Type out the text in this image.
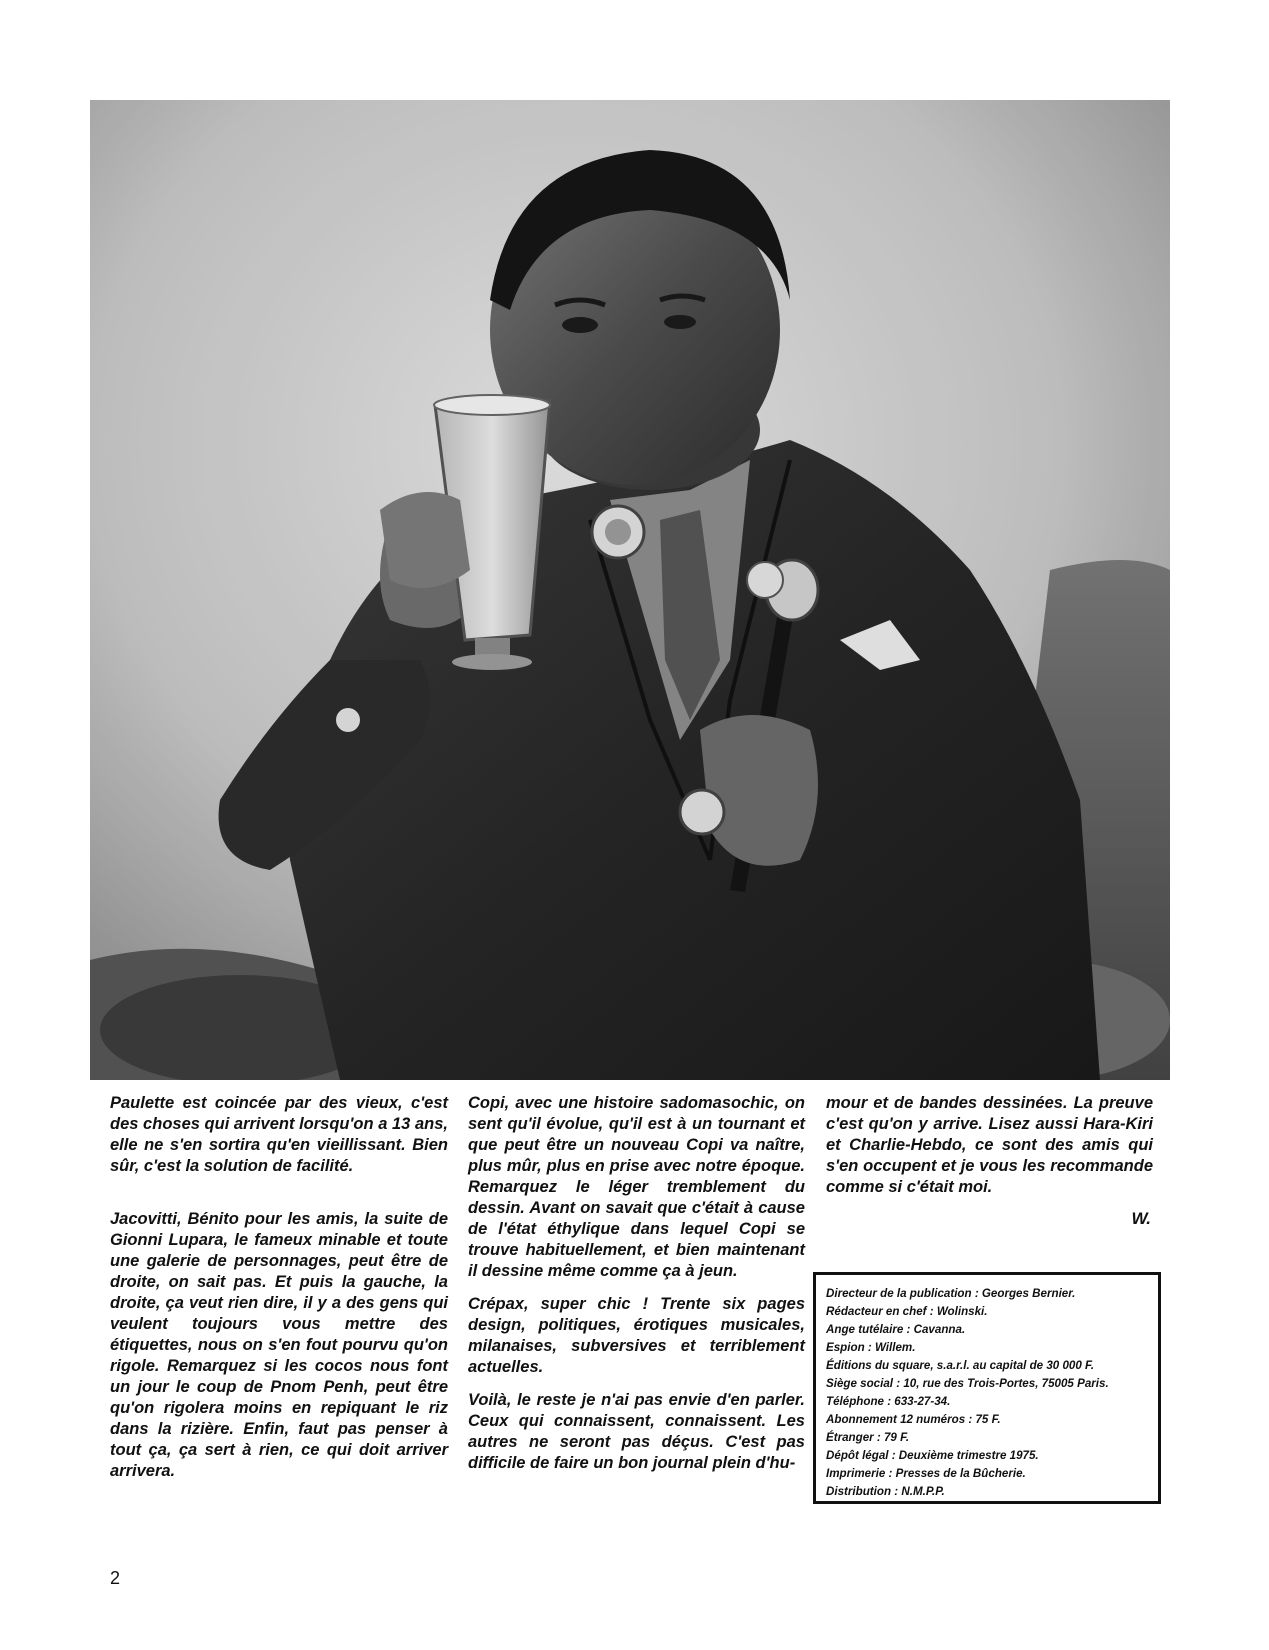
Paulette est coincée par des vieux, c'est des choses qui arrivent lorsqu'on a 13 ans, elle ne s'en sortira qu'en vieillissant. Bien sûr, c'est la solution de facilité.

Jacovitti, Bénito pour les amis, la suite de Gionni Lupara, le fameux minable et toute une galerie de personnages, peut être de droite, on sait pas. Et puis la gauche, la droite, ça veut rien dire, il y a des gens qui veulent toujours vous mettre des étiquettes, nous on s'en fout pourvu qu'on rigole. Remarquez si les cocos nous font un jour le coup de Pnom Penh, peut être qu'on rigolera moins en repiquant le riz dans la rizière. Enfin, faut pas penser à tout ça, ça sert à rien, ce qui doit arriver arrivera.

Copi, avec une histoire sadomasochic, on sent qu'il évolue, qu'il est à un tournant et que peut être un nouveau Copi va naître, plus mûr, plus en prise avec notre époque. Remarquez le léger tremblement du dessin. Avant on savait que c'était à cause de l'état éthylique dans lequel Copi se trouve habituellement, et bien maintenant il dessine même comme ça à jeun.

Crépax, super chic ! Trente six pages design, politiques, érotiques musicales, milanaises, subversives et terriblement actuelles.

Voilà, le reste je n'ai pas envie d'en parler. Ceux qui connaissent, connaissent. Les autres ne seront pas déçus. C'est pas difficile de faire un bon journal plein d'hu-

mour et de bandes dessinées. La preuve c'est qu'on y arrive. Lisez aussi Hara-Kiri et Charlie-Hebdo, ce sont des amis qui s'en occupent et je vous les recommande comme si c'était moi.

W.
Directeur de la publication : Georges Bernier.
Rédacteur en chef : Wolinski.
Ange tutélaire : Cavanna.
Espion : Willem.
Éditions du square, s.a.r.l. au capital de 30 000 F.
Siège social : 10, rue des Trois-Portes, 75005 Paris.
Téléphone : 633-27-34.
Abonnement 12 numéros : 75 F.
Étranger : 79 F.
Dépôt légal : Deuxième trimestre 1975.
Imprimerie : Presses de la Bûcherie.
Distribution : N.M.P.P.
2
